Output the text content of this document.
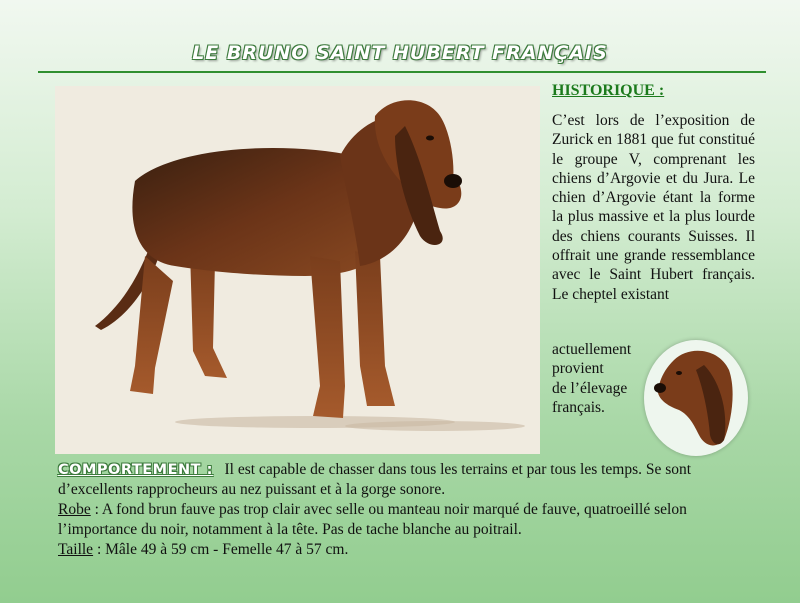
LE BRUNO SAINT HUBERT FRANÇAIS
HISTORIQUE :
C’est lors de l’exposition de Zurick en 1881 que fut constitué le groupe V, comprenant les chiens d’Argovie et du Jura. Le chien d’Argovie étant la forme la plus massive et la plus lourde des chiens courants Suisses. Il offrait une grande ressemblance avec le Saint Hubert français. Le cheptel existant
actuellement
provient
de l’élevage
français.

COMPORTEMENT : Il est capable de chasser dans tous les terrains et par tous les temps. Se sont d’excellents rapprocheurs au nez puissant et à la gorge sonore.

Robe : A fond brun fauve pas trop clair avec selle ou manteau noir marqué de fauve, quatroeillé selon l’importance du noir, notamment à la tête. Pas de tache blanche au poitrail.

Taille : Mâle 49 à 59 cm - Femelle 47 à 57 cm.
